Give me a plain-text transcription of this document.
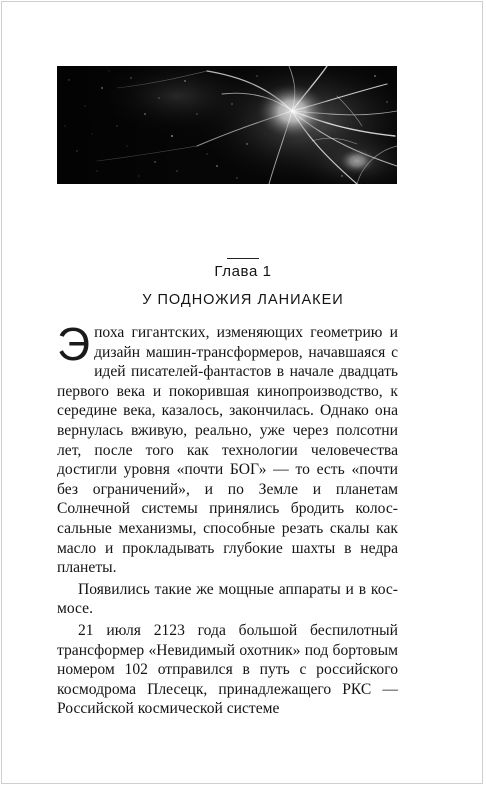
Глава 1
У ПОДНОЖИЯ ЛАНИАКЕИ

Эпоха гигантских, изменяющих геометрию и дизайн машин-трансформеров, начавшаяся с идей писателей-фантастов в начале двадцать первого века и покорившая кинопроизводство, к середине века, казалось, закончилась. Однако она вернулась вживую, реально, уже через полсотни лет, после того как технологии человечества достигли уровня «почти БОГ» — то есть «почти без ограничений», и по Земле и планетам Солнечной системы принялись бродить колоссальные механизмы, способные резать скалы как масло и прокладывать глубокие шахты в недра планеты.

Появились такие же мощные аппараты и в космосе.

21 июля 2123 года большой беспилотный трансформер «Невидимый охотник» под бортовым номером 102 отправился в путь с российского космодрома Плесецк, принадлежащего РКС — Российской космической системе
